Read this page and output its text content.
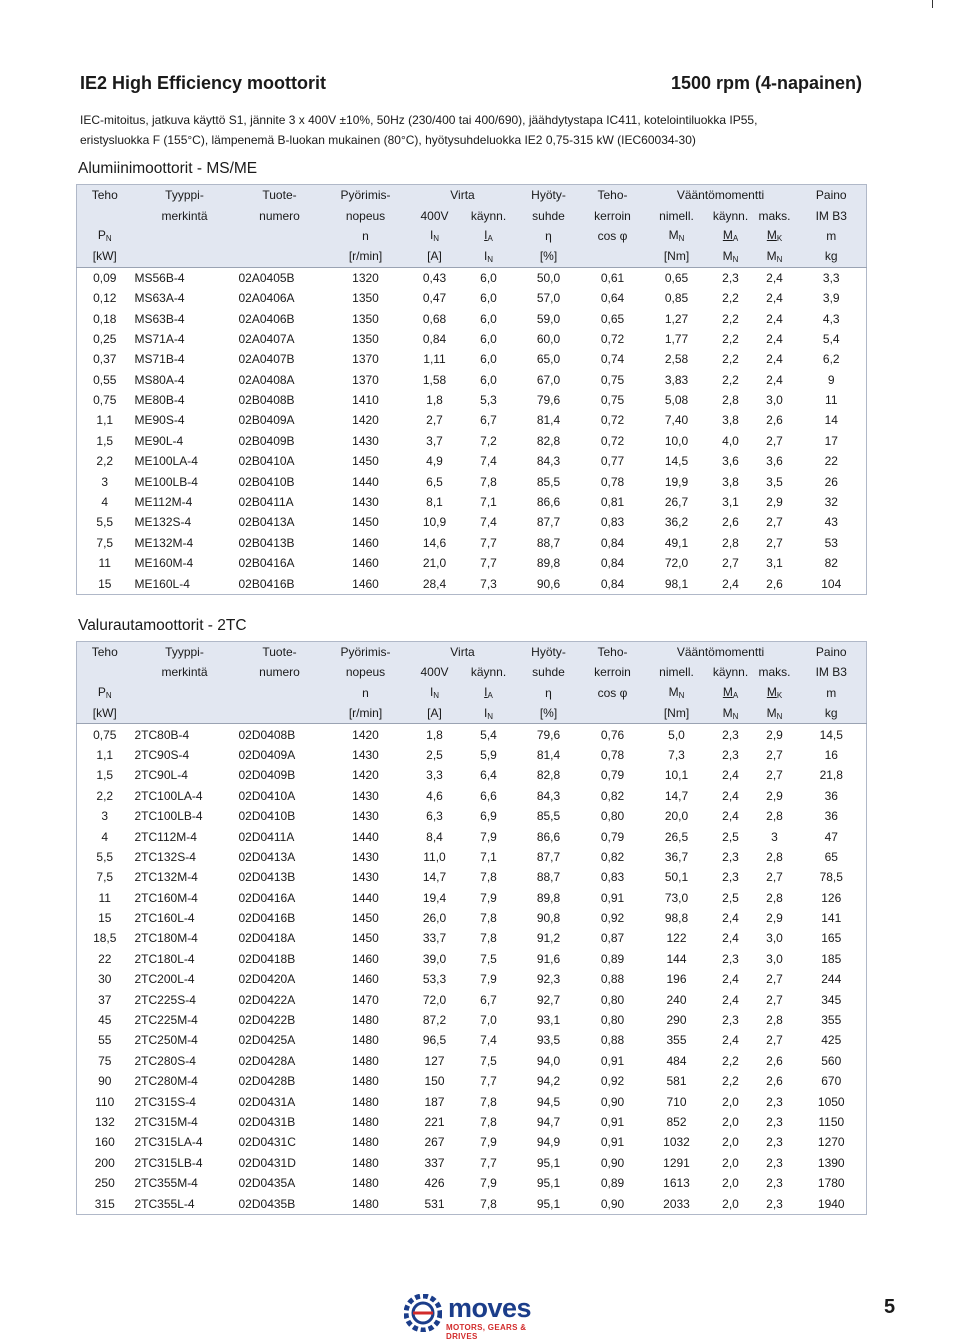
IE2 High Efficiency moottorit	1500 rpm (4-napainen)
IEC-mitoitus, jatkuva käyttö S1, jännite 3 x 400V ±10%, 50Hz (230/400 tai 400/690), jäähdytystapa IC411, kotelointiluokka IP55,
eristysluokka F (155°C), lämpenemä B-luokan mukainen (80°C), hyötysuhdeluokka IE2 0,75-315 kW (IEC60034-30)
Alumiinimoottorit - MS/ME
Teho	Tyyppi-	Tuote-	Pyörimis-	Virta		Hyöty-	Teho-	Vääntömomentti			Paino
	merkintä	numero	nopeus	400V	käynn.	suhde	kerroin	nimell.	käynn.	maks.	IM B3
$P_N$			n	$I_N$	$I_A$	η	cos φ	$M_N$	$M_A$	$M_K$	m
[kW]			[r/min]	[A]	$I_N$	[%]		[Nm]	$M_N$	$M_N$	kg
0,09	MS56B-4	02A0405B	1320	0,43	6,0	50,0	0,61	0,65	2,3	2,4	3,3
0,12	MS63A-4	02A0406A	1350	0,47	6,0	57,0	0,64	0,85	2,2	2,4	3,9
0,18	MS63B-4	02A0406B	1350	0,68	6,0	59,0	0,65	1,27	2,2	2,4	4,3
0,25	MS71A-4	02A0407A	1350	0,84	6,0	60,0	0,72	1,77	2,2	2,4	5,4
0,37	MS71B-4	02A0407B	1370	1,11	6,0	65,0	0,74	2,58	2,2	2,4	6,2
0,55	MS80A-4	02A0408A	1370	1,58	6,0	67,0	0,75	3,83	2,2	2,4	9
0,75	ME80B-4	02B0408B	1410	1,8	5,3	79,6	0,75	5,08	2,8	3,0	11
1,1	ME90S-4	02B0409A	1420	2,7	6,7	81,4	0,72	7,40	3,8	2,6	14
1,5	ME90L-4	02B0409B	1430	3,7	7,2	82,8	0,72	10,0	4,0	2,7	17
2,2	ME100LA-4	02B0410A	1450	4,9	7,4	84,3	0,77	14,5	3,6	3,6	22
3	ME100LB-4	02B0410B	1440	6,5	7,8	85,5	0,78	19,9	3,8	3,5	26
4	ME112M-4	02B0411A	1430	8,1	7,1	86,6	0,81	26,7	3,1	2,9	32
5,5	ME132S-4	02B0413A	1450	10,9	7,4	87,7	0,83	36,2	2,6	2,7	43
7,5	ME132M-4	02B0413B	1460	14,6	7,7	88,7	0,84	49,1	2,8	2,7	53
11	ME160M-4	02B0416A	1460	21,0	7,7	89,8	0,84	72,0	2,7	3,1	82
15	ME160L-4	02B0416B	1460	28,4	7,3	90,6	0,84	98,1	2,4	2,6	104
Valurautamoottorit - 2TC
Teho	Tyyppi-	Tuote-	Pyörimis-	Virta		Hyöty-	Teho-	Vääntömomentti			Paino
	merkintä	numero	nopeus	400V	käynn.	suhde	kerroin	nimell.	käynn.	maks.	IM B3
$P_N$			n	$I_N$	$I_A$	η	cos φ	$M_N$	$M_A$	$M_K$	m
[kW]			[r/min]	[A]	$I_N$	[%]		[Nm]	$M_N$	$M_N$	kg
0,75	2TC80B-4	02D0408B	1420	1,8	5,4	79,6	0,76	5,0	2,3	2,9	14,5
1,1	2TC90S-4	02D0409A	1430	2,5	5,9	81,4	0,78	7,3	2,3	2,7	16
1,5	2TC90L-4	02D0409B	1420	3,3	6,4	82,8	0,79	10,1	2,4	2,7	21,8
2,2	2TC100LA-4	02D0410A	1430	4,6	6,6	84,3	0,82	14,7	2,4	2,9	36
3	2TC100LB-4	02D0410B	1430	6,3	6,9	85,5	0,80	20,0	2,4	2,8	36
4	2TC112M-4	02D0411A	1440	8,4	7,9	86,6	0,79	26,5	2,5	3	47
5,5	2TC132S-4	02D0413A	1430	11,0	7,1	87,7	0,82	36,7	2,3	2,8	65
7,5	2TC132M-4	02D0413B	1430	14,7	7,8	88,7	0,83	50,1	2,3	2,7	78,5
11	2TC160M-4	02D0416A	1440	19,4	7,9	89,8	0,91	73,0	2,5	2,8	126
15	2TC160L-4	02D0416B	1450	26,0	7,8	90,8	0,92	98,8	2,4	2,9	141
18,5	2TC180M-4	02D0418A	1450	33,7	7,8	91,2	0,87	122	2,4	3,0	165
22	2TC180L-4	02D0418B	1460	39,0	7,5	91,6	0,89	144	2,3	3,0	185
30	2TC200L-4	02D0420A	1460	53,3	7,9	92,3	0,88	196	2,4	2,7	244
37	2TC225S-4	02D0422A	1470	72,0	6,7	92,7	0,80	240	2,4	2,7	345
45	2TC225M-4	02D0422B	1480	87,2	7,0	93,1	0,80	290	2,3	2,8	355
55	2TC250M-4	02D0425A	1480	96,5	7,4	93,5	0,88	355	2,4	2,7	425
75	2TC280S-4	02D0428A	1480	127	7,5	94,0	0,91	484	2,2	2,6	560
90	2TC280M-4	02D0428B	1480	150	7,7	94,2	0,92	581	2,2	2,6	670
110	2TC315S-4	02D0431A	1480	187	7,8	94,5	0,90	710	2,0	2,3	1050
132	2TC315M-4	02D0431B	1480	221	7,8	94,7	0,91	852	2,0	2,3	1150
160	2TC315LA-4	02D0431C	1480	267	7,9	94,9	0,91	1032	2,0	2,3	1270
200	2TC315LB-4	02D0431D	1480	337	7,7	95,1	0,90	1291	2,0	2,3	1390
250	2TC355M-4	02D0435A	1480	426	7,9	95,1	0,89	1613	2,0	2,3	1780
315	2TC355L-4	02D0435B	1480	531	7,8	95,1	0,90	2033	2,0	2,3	1940
moves
MOTORS, GEARS & DRIVES
5
